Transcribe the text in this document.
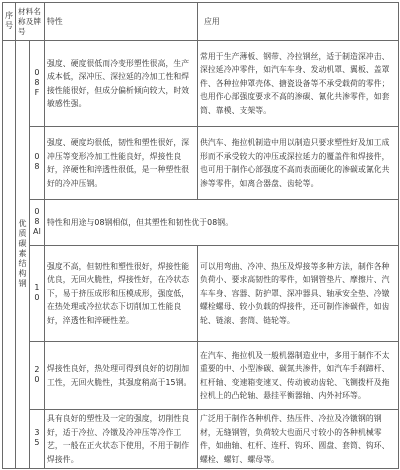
序号	材料名称及牌号		特性	应用
	优质碳素结构钢	08F	强度、硬度很低而冷变形塑性很高，生产成本低，深冲压、深拉延的冷加工性和焊接性能很好，但成分偏析倾向较大，时效敏感性强。	常用于生产薄板、钢带、冷拉钢丝，适于制造深冲击、深拉延冷冲零件，如汽车车身、发动机罩、翼板、盖罩件、各种拉伸罩壳体、搪瓷设备等不承受载荷的零件；也用作心部强度要求不高的渗碳、氰化共渗零件，如套筒、靠模、支架等。
		08	强度、硬度均很低，韧性和塑性很好，深冲压等变形冷加工性能良好，焊接性良好，淬硬性和淬透性很低，是一种塑性很好的冷冲压钢。	供汽车、拖拉机制造中用以制造只要求塑性好及加工成形而不承受较大的冲压或深拉延力的覆盖件和焊接件，也可用于制作心部强度不高而表面硬化的渗碳或氰化共渗等零件，如离合器盘、齿轮等。
		08Al	特性和用途与08钢相似，但其塑性和韧性优于08钢。	
		10	强度不高，但韧性和塑性很好，焊接性能优良，无回火脆性，焊接性好，在冷状态下，易于挤压成形和压模成形，强度低，在热处理或冷拉状态下切削加工性能良好，淬透性和淬硬性差。	可以用弯曲、冷冲、热压及焊接等多种方法，制作各种负荷小、要求高韧性的零件，如钢管垫片、摩擦片、汽车车身、容器、防护罩、深冲器具、轴承安全垫、冷镦螺栓螺母、较小负载的焊接件，还可制作渗碳件，如齿轮、链滚、套筒、链轮等。
		20	焊接性良好，热处理可得到良好的切削加工性，无回火脆性，其强度稍高于15钢。	在汽车、拖拉机及一般机器制造业中，多用于制作不太重要的中、小型渗碳、碳氮共渗件，如汽车手刹蹄杆、杠杆轴、变速箱变速叉、传动被动齿轮、飞铡拨杆及拖拉机上的凸轮轴、悬挂平衡器轴、内外衬环等。
		35	具有良好的塑性及一定的强度，切削性良好，适于冷拉、冷镦及冷冲压等冷作工艺，一般在正火状态下使用，不用于制作焊接件。	广泛用于制作各种机件、热压件、冷拉及冷镦钢的钢材，无缝钢管，负荷较大也面尺寸较小的各种机械零件，如曲轴、杠杆、连杆、钩环、圆盘、套筒、钩环、螺栓、螺钉、螺母等。
